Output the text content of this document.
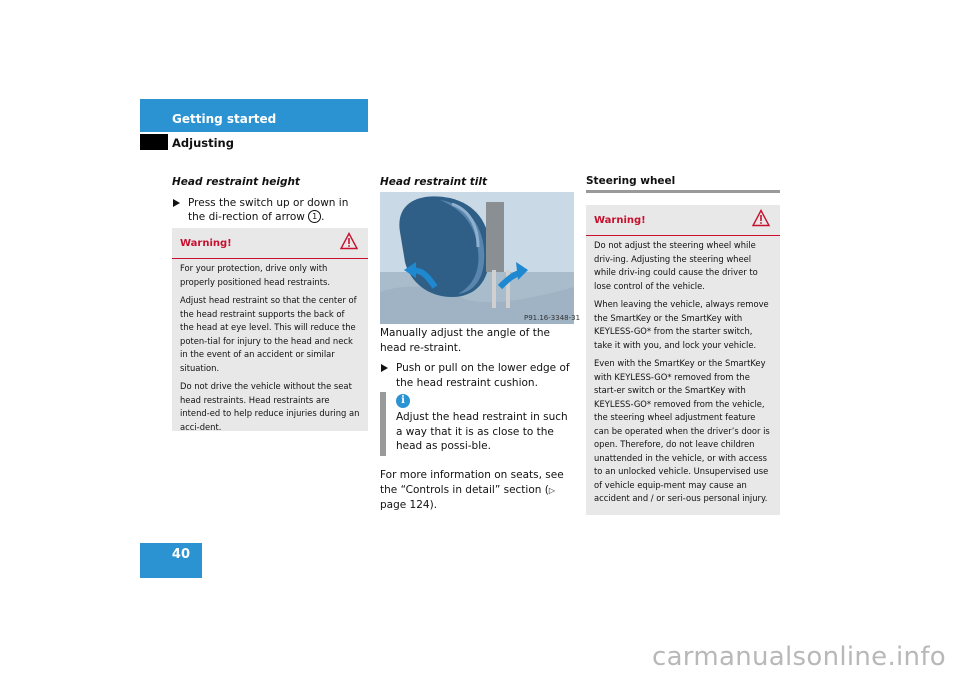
Getting started
Adjusting
Head restraint height
Press the switch up or down in the di-rection of arrow 1 .
Warning!

For your protection, drive only with properly positioned head restraints.

Adjust head restraint so that the center of the head restraint supports the back of the head at eye level. This will reduce the poten-tial for injury to the head and neck in the event of an accident or similar situation.

Do not drive the vehicle without the seat head restraints. Head restraints are intend-ed to help reduce injuries during an acci-dent.

Head restraint tilt
P91.16-3348-31
Manually adjust the angle of the head re-straint.
Push or pull on the lower edge of the head restraint cushion.
i
Adjust the head restraint in such a way that it is as close to the head as possi-ble.
For more information on seats, see the “Controls in detail” section (▷ page 124).
Steering wheel
Warning!

Do not adjust the steering wheel while driv-ing. Adjusting the steering wheel while driv-ing could cause the driver to lose control of the vehicle.

When leaving the vehicle, always remove the SmartKey or the SmartKey with KEYLESS-GO* from the starter switch, take it with you, and lock your vehicle.

Even with the SmartKey or the SmartKey with KEYLESS-GO* removed from the start-er switch or the SmartKey with KEYLESS-GO* removed from the vehicle, the steering wheel adjustment feature can be operated when the driver’s door is open. Therefore, do not leave children unattended in the vehicle, or with access to an unlocked vehicle. Unsupervised use of vehicle equip-ment may cause an accident and / or seri-ous personal injury.

40
carmanualsonline.info
